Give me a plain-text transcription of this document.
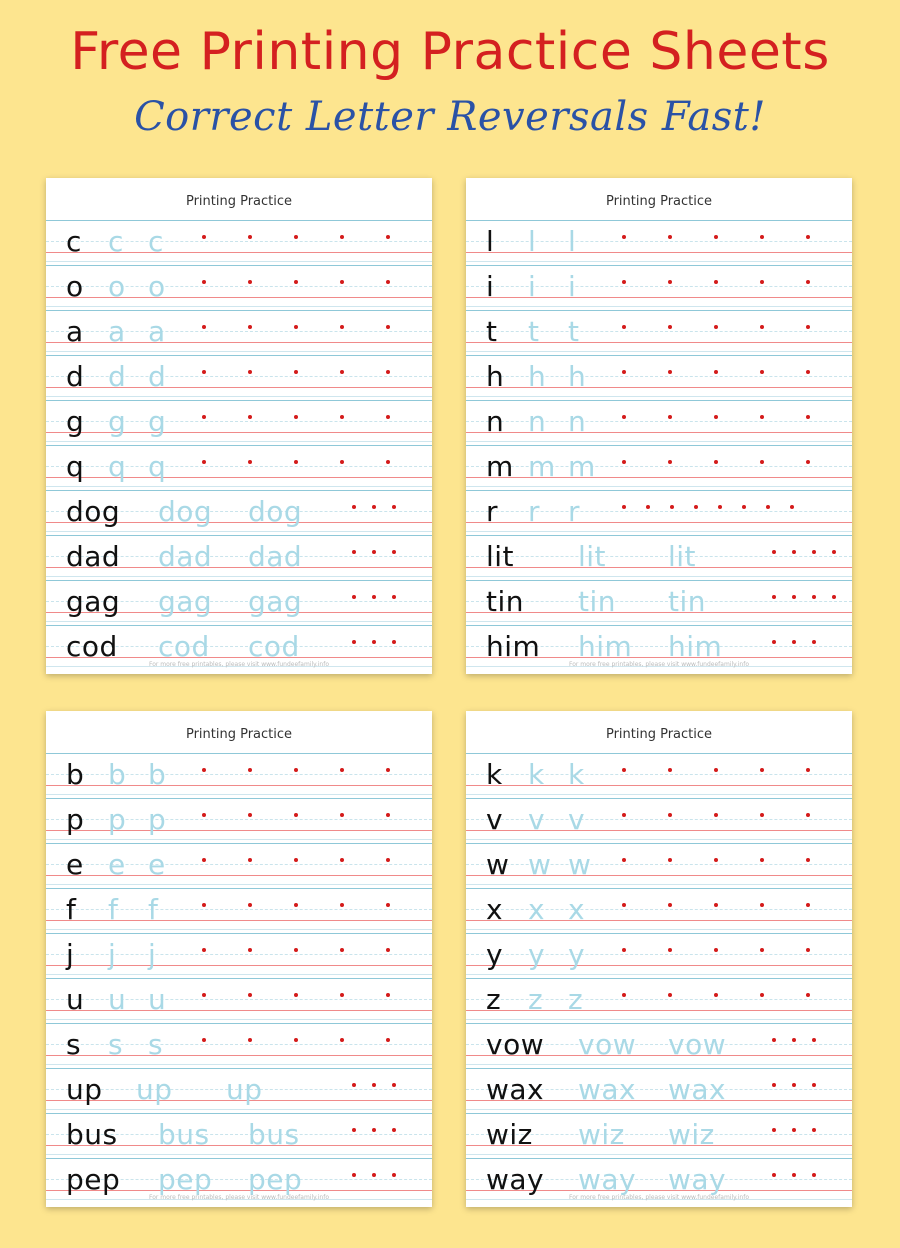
Free Printing Practice Sheets
Correct Letter Reversals Fast!
Printing Practice
c c c
o o o
a a a
d d d
g g g
q q q
dog dog dog
dad dad dad
gag gag gag
cod cod cod
For more free printables, please visit www.fundeefamily.info
Printing Practice
l l l
i i i
t t t
h h h
n n n
m m m
r r r
lit lit lit
tin tin tin
him him him
For more free printables, please visit www.fundeefamily.info
Printing Practice
b b b
p p p
e e e
f f f
j j j
u u u
s s s
up up up
bus bus bus
pep pep pep
For more free printables, please visit www.fundeefamily.info
Printing Practice
k k k
v v v
w w w
x x x
y y y
z z z
vow vow vow
wax wax wax
wiz wiz wiz
way way way
For more free printables, please visit www.fundeefamily.info
